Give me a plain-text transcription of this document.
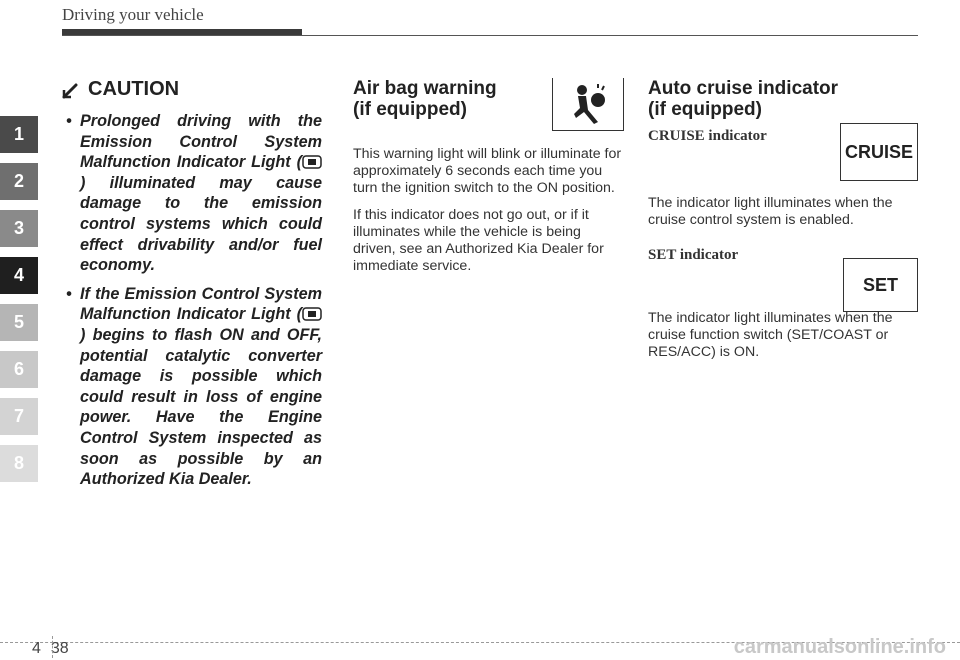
Driving your vehicle
1
2
3
4
5
6
7
8
CAUTION
• Prolonged driving with the Emission Control System Malfunction Indicator Light () illuminated may cause damage to the emission control systems which could effect drivability and/or fuel economy.
• If the Emission Control System Malfunction Indicator Light () begins to flash ON and OFF, potential catalytic converter damage is possible which could result in loss of engine power. Have the Engine Control System inspected as soon as possible by an Authorized Kia Dealer.
Air bag warning
(if equipped)

This warning light will blink or illuminate for approximately 6 seconds each time you turn the ignition switch to the ON position.

If this indicator does not go out, or if it illuminates while the vehicle is being driven, see an Authorized Kia Dealer for immediate service.

Auto cruise indicator
(if equipped)
CRUISE indicator
CRUISE

The indicator light illuminates when the cruise control system is enabled.

SET indicator
SET

The indicator light illuminates when the cruise function switch (SET/COAST or RES/ACC) is ON.

4 38	carmanualsonline.info
